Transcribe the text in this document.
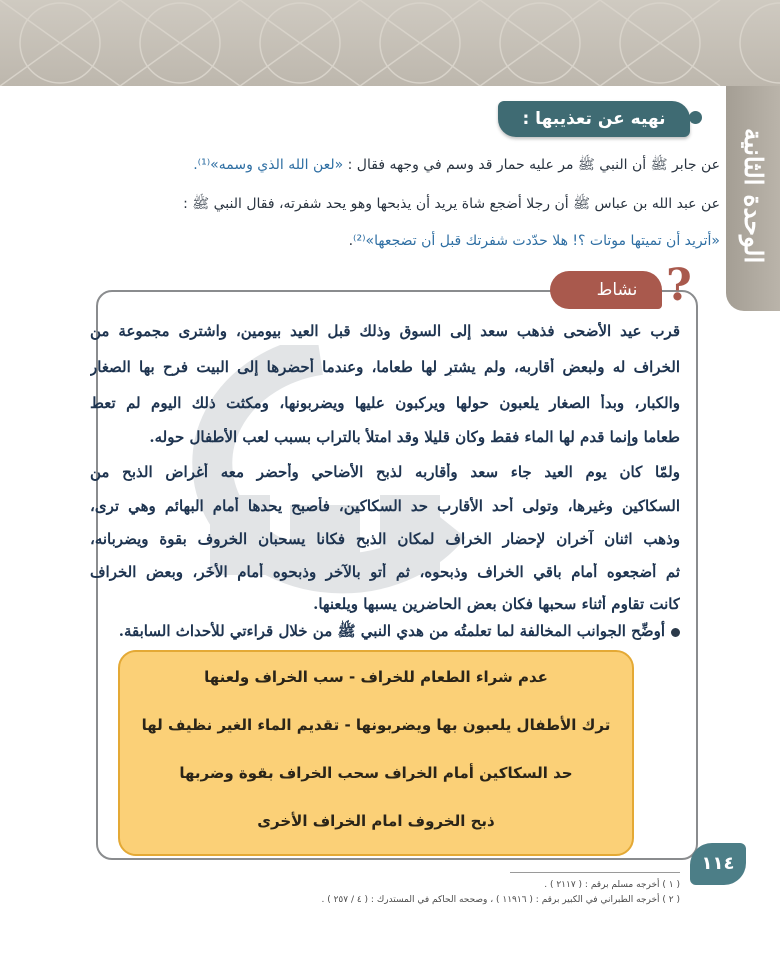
الوحدة الثانية
نهيه عن تعذيبها :
عن جابر ﷺ أن النبي ﷺ مر عليه حمار قد وسم في وجهه فقال : «لعن الله الذي وسمه»⁽¹⁾.
عن عبد الله بن عباس ﷺ أن رجلا أضجع شاة يريد أن يذبحها وهو يحد شفرته، فقال النبي ﷺ :
«أتريد أن تميتها موتات ؟! هلا حدّدت شفرتك قبل أن تضجعها»⁽²⁾.
نشاط ?
قرب عيد الأضحى فذهب سعد إلى السوق وذلك قبل العيد بيومين، واشترى مجموعة من
الخراف له ولبعض أقاربه، ولم يشترِ لها طعاما، وعندما أحضرها إلى البيت فرح بها الصغار
والكبار، وبدأ الصغار يلعبون حولها ويركبون عليها ويضربونها، ومكثت ذلك اليوم لم تعط
طعاما وإنما قدم لها الماء فقط وكان قليلا وقد امتلأ بالتراب بسبب لعب الأطفال حوله.
ولمّا كان يوم العيد جاء سعد وأقاربه لذبح الأضاحي وأحضر معه أغراض الذبح من
السكاكين وغيرها، وتولى أحد الأقارب حد السكاكين، فأصبح يحدها أمام البهائم وهي ترى،
وذهب اثنان آخران لإحضار الخراف لمكان الذبح فكانا يسحبان الخروف بقوة ويضربانه،
ثم أضجعوه أمام باقي الخراف وذبحوه، ثم أتو بالآخر وذبحوه أمام الأُخَر، وبعض الخراف
كانت تقاوم أثناء سحبها فكان بعض الحاضرين يسبها ويلعنها.
أوضِّح الجوانب المخالفة لما تعلمتُه من هدي النبي ﷺ من خلال قراءتي للأحداث السابقة.
عدم شراء الطعام للخراف - سب الخراف ولعنها
ترك الأطفال يلعبون بها ويضربونها - تقديم الماء الغير نظيف لها
حد السكاكين أمام الخراف سحب الخراف بقوة وضربها
ذبح الخروف امام الخراف الأخرى
١١٤
( ١ ) أخرجه مسلم برقم : ( ٢١١٧ ) .
( ٢ ) أخرجه الطبراني في الكبير برقم : ( ١١٩١٦ ) ، وصححه الحاكم في المستدرك : ( ٤ / ٢٥٧ ) .
